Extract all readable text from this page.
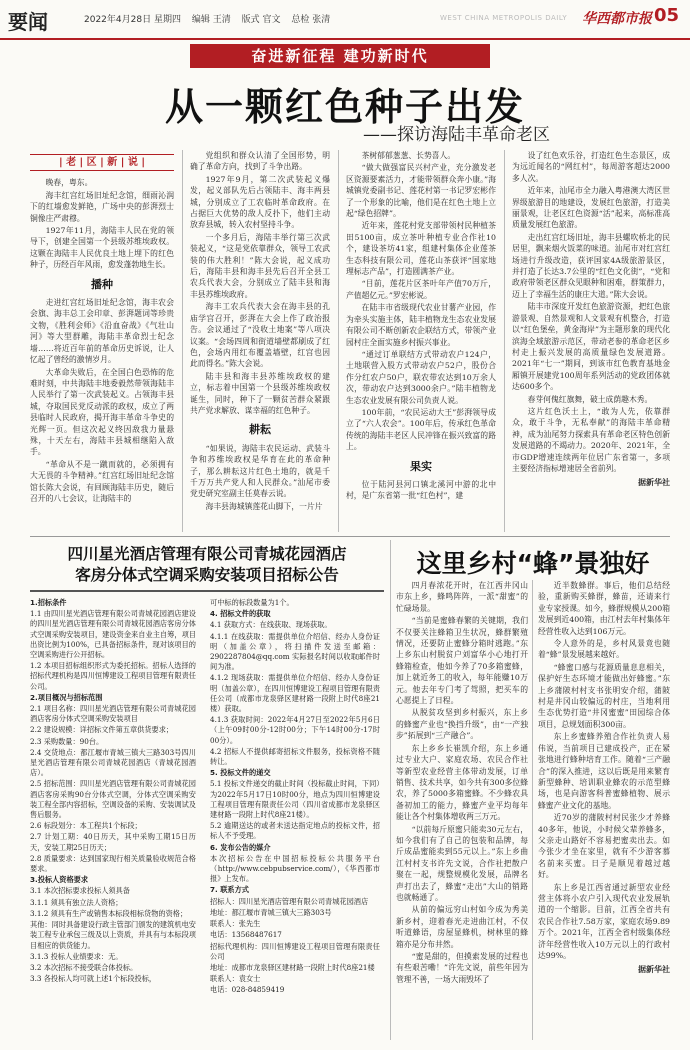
要闻	2022年4月28日 星期四 编辑 王清 版式 官文 总检 张清	WEST CHINA METROPOLIS DAILY 华西都市报 05
奋进新征程 建功新时代
从一颗红色种子出发
——探访海陆丰革命老区
| 老 | 区 | 新 | 说 |

晚春，粤东。

海丰红宫红场旧址纪念馆，细雨沁润下的红墙愈发鲜艳，广场中央的彭湃烈士铜像庄严肃穆。

1927年11月，海陆丰人民在党的领导下，创建全国第一个县级苏维埃政权。这颗在海陆丰人民优良土地上埋下的红色种子，历经百年风雨，愈发蓬勃地生长。

播种

走进红宫红场旧址纪念馆，海丰农会会旗、海丰总工会印章、彭湃题词等珍贵文物，《胜利会师》《沿血奋战》《气壮山河》等大型群雕，海陆丰革命烈士纪念墙……将近百年前的革命历史诉说，让人忆起了曾经的激情岁月。

大革命失败后，在全国白色恐怖的危难时刻，中共海陆丰地委毅然带领海陆丰人民举行了第一次武装起义。占领海丰县城，夺取国民党反动派的政权，成立了两县临时人民政府，揭开海丰革命斗争史的光辉一页。但这次起义终因敌我力量悬殊，十天左右，海陆丰县城相继陷入敌手。

“革命从不是一蹴而就的，必须拥有大无畏的斗争精神。”红宫红场旧址纪念馆馆长陈大会说，有回顾海陆丰历史，随后召开的八七会议，让海陆丰的

党组织和群众认清了全国形势，明确了革命方向，找到了斗争出路。

1927年9月，第二次武装起义爆发，起义部队先后占领陆丰、海丰两县城，分别成立了工农临时革命政府。在占据巨大优势的敌人反扑下，他们主动放弃县城，转入农村坚持斗争。

一个多月后，海陆丰举行第三次武装起义，“这是党依靠群众，领导工农武装的伟大胜利！”陈大会说，起义成功后，海陆丰县和海丰县先后召开全县工农兵代表大会，分别成立了陆丰县和海丰县苏维埃政府。

海丰工农兵代表大会在海丰县的孔庙学宫召开，彭湃在大会上作了政治报告。会议通过了“没收土地案”等八项决议案。“会场四周和街道墙壁都刷成了红色，会场内用红布覆盖墙壁，红宫也因此而得名。”陈大会说。

陆丰县和海丰县苏维埃政权的建立，标志着中国第一个县级苏维埃政权诞生，同时，种下了一颗贫苦群众紧跟共产党求解放、谋幸福的红色种子。

耕耘

“如果说，海陆丰农民运动、武装斗争和苏维埃政权是华育在此的革命种子，那么耕耘这片红色土地的，就是千千万万共产党人和人民群众。”汕尾市委党史研究室副主任莫春云说。

海丰县海城镇莲花山脚下，一片片

茶树郁郁葱葱、长势喜人。

“做大做强富民兴村产业，充分激发老区资源要素活力，才能带领群众奔小康。”海城镇党委副书记、莲花村第一书记罗宏彬作了一个形象的比喻，他们是在红色土地上立起“绿色招牌”。

近年来，莲花村党支部带领村民种植茶田5100亩，成立茶叶种植专业合作社10个，建设茶坊41家，组建村集体企业莲茶生态科技有限公司，莲花山茶获评“国家地理标志产品”，打造圆满茶产业。

“目前，莲花片区茶叶年产值70万斤，产值超亿元。”罗宏彬说。

在陆丰市省级现代农业甘薯产业园，作为牵头实施主体，陆丰植物龙生态农业发展有限公司不断创新农企联结方式，带领产业园村庄全面实施乡村振兴事业。

“通过订单联结方式带动农户124户，土地联营入股方式带动农户52户，股份合作分红农户50户，联农带农达到10万余人次，带动农户达到3000余户。”陆丰植物龙生态农业发展有限公司负责人说。

100年前，“农民运动大王”彭湃领导成立了“六人农会”。100年后，传承红色革命传统的海陆丰老区人民冲锋在振兴致富的路上。

果实

位于陆河县河口镇北溪河中游的北中村，是广东省第一批“红色村”，建

设了红色欢乐谷，打造红色生态景区，成为远近闻名的“网红村”，每周游客超达2000多人次。

近年来，汕尾市全力融入粤港澳大湾区世界级旅游目的地建设，发展红色旅游，打造美丽景观，让老区红色资源“活”起来，高标准高质量发展红色旅游。

走出红宫红场旧址，海丰县螺吹桥北的民居里，飘来烟火饭菜的味道。汕尾市对红宫红场进行升级改造，获评国家4A级旅游景区，并打造了长达3.7公里的“红色文化街”，“党和政府带领老区群众见眼种和困难，群策群力，迈上了幸福生活的康庄大道。”陈大会说。

陆丰市深度开发红色旅游资源，把红色旅游景观、自然景观和人文景观有机整合，打造以“红色堡垒，黄金海岸”为主题形象的现代化滨海全域旅游示范区，带动老参的革命老区乡村走上振兴发展的高质量绿色发展道路。2021年“七一”期间，到该市红色教育基地金厢镇开展建党100周年系列活动的党政团体就达600多个。

春芽何傀红旗舞，破土成荫趣木秀。

这片红色沃土上，“敢为人先，依靠群众，敢于斗争，无私奉献”的海陆丰革命精神，成为汕尾努力探索具有革命老区特色创新发展道路的不竭动力。2020年、2021年，全市GDP增速连续两年位居广东省第一，多项主要经济指标增速居全省前列。

据新华社

四川星光酒店管理有限公司青城花园酒店
客房分体式空调采购安装项目招标公告

1.招标条件

1.1 由四川星光酒店管理有限公司青城花园酒店建设的四川星光酒店管理有限公司青城花园酒店客房分体式空调采购安装项目，建设资金来自业主自筹，项目出资比例为100%，已具备招标条件，现对该项目的空调采购进行公开招标。

1.2 本项目招标组织形式为委托招标。招标人选择的招标代理机构是四川恒博建设工程项目管理有限责任公司。

2.项目概况与招标范围

2.1 项目名称：四川星光酒店管理有限公司青城花园酒店客房分体式空调采购安装项目

2.2 建设规模：详招标文件第五章供货要求；

2.3 采购数量：90台。

2.4 交货地点：都江堰市青城三镇大三路303号四川星光酒店管理有限公司青城花园酒店（青城花园酒店）。

2.5 招标范围：四川星光酒店管理有限公司青城花园酒店客房采购90台分体式空调，分体式空调采购安装工程全部内容招标，空调设备的采购、安装调试及售后服务。

2.6 标段划分：本工程共1个标段；

2.7 计划工期：40日历天，其中采购工期15日历天，安装工期25日历天；

2.8 质量要求：达到国家现行相关质量验收规范合格要求。

3.投标人资格要求

3.1 本次招标要求投标人须具备

3.1.1 须具有独立法人资格；

3.1.2 须具有生产或销售本标段相标货物的资格；

其他：同时具备建设行政主管部门颁发的建筑机电安装工程专业承包三级及以上资质，并具有与本标段项目相应的供货能力。

3.1.3 投标人业绩要求：无。

3.2 本次招标不接受联合体投标。

3.3 各投标人均可就上述1个标段投标，

可中标的标段数量为1个。

4. 招标文件的获取

4.1 获取方式：在线获取、现场获取。

4.1.1 在线获取：需提供单位介绍信、经办人身份证明（加盖公章），将扫描件发送至邮箱：2902287804@qq.com 实际报名时间以收取邮件时间为准。

4.1.2 现场获取：需提供单位介绍信、经办人身份证明（加盖公章），在四川恒博建设工程项目管理有限责任公司（成都市龙泉驿区建材路一段附上时代8座21楼）获取。

4.1.3 获取时间：2022年4月27日至2022年5月6日（上午09时00分-12时00分；下午14时00分-17时00分）。

4.2 招标人不提供邮寄招标文件服务，投标资格不随转让。

5. 投标文件的递交

5.1 投标文件递交的截止时间（投标截止时间，下同）为2022年5月17日10时00分，地点为四川恒博建设工程项目管理有限责任公司（四川省成都市龙泉驿区建材路一段附上时代8座21楼）。

5.2 逾期送达的或者未送达指定地点的投标文件，招标人不予受理。

6. 发布公告的媒介

本次招标公告在中国招标投标公共服务平台（http://www.cebpubservice.com/），《华西都市报》上发布。

7. 联系方式

招标人：四川星光酒店管理有限公司青城花园酒店

地址：都江堰市青城三镇大三路303号

联系人：张先生

电话：13568487617

招标代理机构：四川恒博建设工程项目管理有限责任公司

地址：成都市龙泉驿区建材路一段附上时代8座21楼

联系人：袁女士

电话：028-84859419

这里乡村“蜂”景独好

四月春浓花开时，在江西井冈山市东上乡，蜂鸣阵阵，一派“甜蜜”的忙碌场景。

“当前是蜜蜂春繁的关键期，我们不仅要关注蜂箱卫生状况，蜂群繁殖情况，还要防止蜜蜂分箱时逃跑。”东上乡东山村脱贫户刘富华小心地打开蜂箱检查，他如今养了70多箱蜜蜂，加上就近务工的收入，每年能赚10万元。他去年专门考了驾照，把买车的心愿提上了日程。

从脱贫攻坚到乡村振兴，东上乡的蜂蜜产业也“换挡升级”，由“一产独步”拓展到“三产融合”。

东上乡乡长崔凯介绍，东上乡通过专业大户、家庭农场、农民合作社等新型农业经营主体带动发展，订单销售、技术共享，如今共有300多位蜂农，养了5000多箱蜜蜂。不少蜂农具备初加工的能力，蜂蜜产业平均每年能让各个村集体增收两三万元。

“以前每斤原蜜只能卖30元左右，如今我们有了自己的包装和品牌，每斤成品蜜能卖到55元以上。”东上乡曲江村村支书许先文说，合作社把散户聚在一起，规整规模化发展，品牌名声打出去了，蜂蜜“走出”大山的销路也就畅通了。

从前的偏远穷山村如今成为秀美新乡村，迎着春光走进曲江村，不仅听道蜂语，房屋显蜂机，树林里的蜂箱亦是分布井然。

“蜜是甜的，但摸索发展的过程也有些艰苦嘞！”许先文说，前些年因为管理不善，一场大雨毁坏了

近半数蜂群。事后，他们总结经验，重新购买蜂群，蜂苗，还请来行业专家授课。如今，蜂群规模从200箱发展到近400箱，由江村去年村集体年经营性收入达到106万元。

令人意外的是，乡村风景竟也随着“蜂”景发展越来越好。

“蜂蜜口感与花源质量息息相关，保护好生态环境才能做出好蜂蜜。”东上乡蒲陂村村支书张明安介绍，蒲陂村是井冈山较偏远的村庄，当地利用生态优势打造“井冈蜜蜜”田园综合体项目，总规划面积300亩。

东上乡蜜蜂养殖合作社负责人易伟说，当前项目已建成投产，正在紧张地进行蜂种培育工作。随着“三产融合”的深入推进，这以后既是用来繁育新型蜂种、培训职业蜂农的示范型蜂场，也是向游客科普蜜蜂植物、展示蜂蜜产业文化的基地。

近70岁的蒲陂村村民张少才养蜂40多年，他说，小时候父辈养蜂多，父亲走山路好不容易把蜜卖出去。如今张少才坐在家里，就有不少游客慕名前来买蜜。日子是顺见着越过越好。

东上乡是江西省通过新型农业经营主体将小农户引入现代农业发展轨道的一个缩影。目前，江西全省共有农民合作社7.58万家，家庭农场9.89万个。2021年，江西全省村级集体经济年经营性收入10万元以上的行政村达99%。

据新华社
